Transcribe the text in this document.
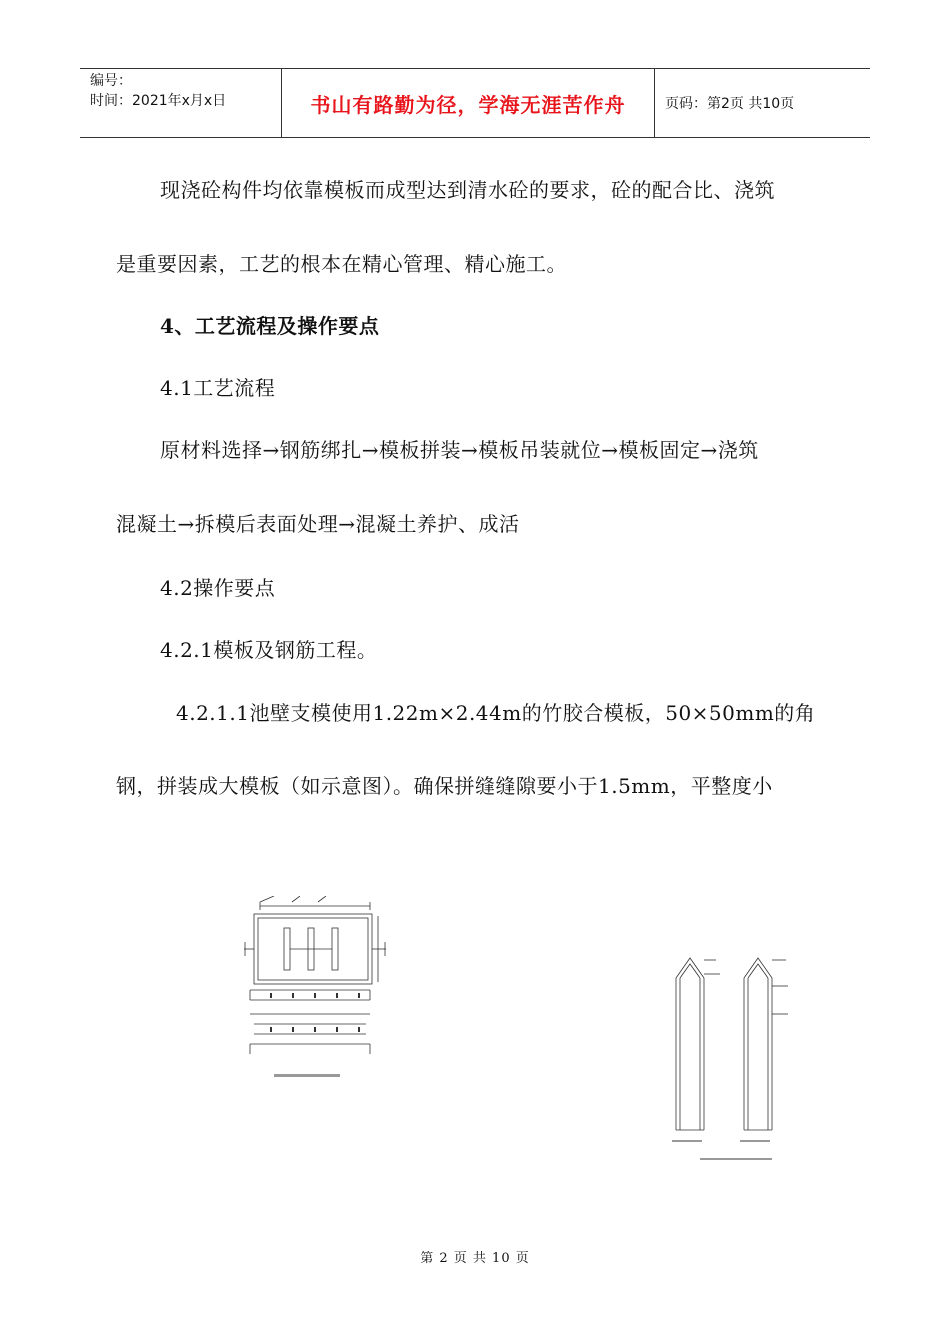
编号：
时间：2021年x月x日	书山有路勤为径，学海无涯苦作舟	页码：第2页 共10页
现浇砼构件均依靠模板而成型达到清水砼的要求，砼的配合比、浇筑
是重要因素，工艺的根本在精心管理、精心施工。
4、工艺流程及操作要点
4.1工艺流程
原材料选择→钢筋绑扎→模板拼装→模板吊装就位→模板固定→浇筑
混凝土→拆模后表面处理→混凝土养护、成活
4.2操作要点
4.2.1模板及钢筋工程。
4.2.1.1池壁支模使用1.22m×2.44m的竹胶合模板，50×50mm的角
钢，拼装成大模板（如示意图）。确保拼缝缝隙要小于1.5mm，平整度小
第 2 页 共 10 页
